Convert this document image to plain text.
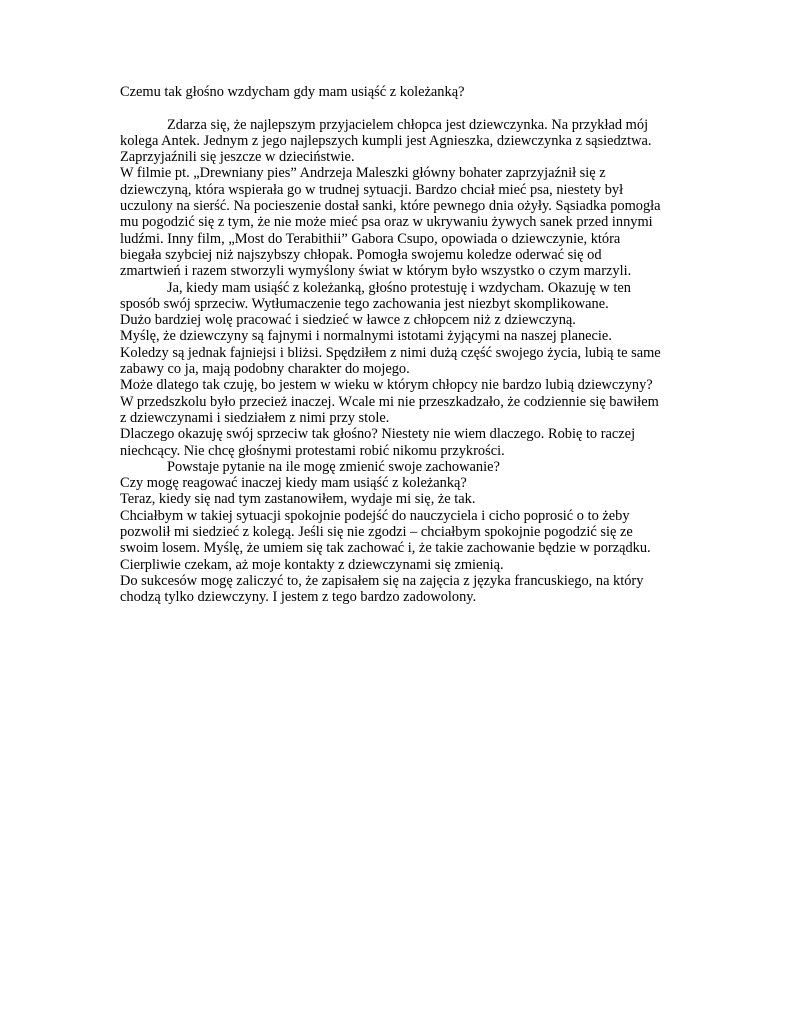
Czemu tak głośno wzdycham gdy mam usiąść z koleżanką?
Zdarza się, że najlepszym przyjacielem chłopca jest dziewczynka. Na przykład mój
kolega Antek. Jednym z jego najlepszych kumpli jest Agnieszka, dziewczynka z sąsiedztwa.
Zaprzyjaźnili się jeszcze w dzieciństwie.
W filmie pt. „Drewniany pies” Andrzeja Maleszki główny bohater zaprzyjaźnił się z
dziewczyną, która wspierała go w trudnej sytuacji. Bardzo chciał mieć psa, niestety był
uczulony na sierść. Na pocieszenie dostał sanki, które pewnego dnia ożyły. Sąsiadka pomogła
mu pogodzić się z tym, że nie może mieć psa oraz w ukrywaniu żywych sanek przed innymi
ludźmi. Inny film, „Most do Terabithii” Gabora Csupo, opowiada o dziewczynie, która
biegała szybciej niż najszybszy chłopak. Pomogła swojemu koledze oderwać się od
zmartwień i razem stworzyli wymyślony świat w którym było wszystko o czym marzyli.
Ja, kiedy mam usiąść z koleżanką, głośno protestuję i wzdycham. Okazuję w ten
sposób swój sprzeciw. Wytłumaczenie tego zachowania jest niezbyt skomplikowane.
Dużo bardziej wolę pracować i siedzieć w ławce z chłopcem niż z dziewczyną.
Myślę, że dziewczyny są fajnymi i normalnymi istotami żyjącymi na naszej planecie.
Koledzy są jednak fajniejsi i bliżsi. Spędziłem z nimi dużą część swojego życia, lubią te same
zabawy co ja, mają podobny charakter do mojego.
Może dlatego tak czuję, bo jestem w wieku w którym chłopcy nie bardzo lubią dziewczyny?
W przedszkolu było przecież inaczej. Wcale mi nie przeszkadzało, że codziennie się bawiłem
z dziewczynami i siedziałem z nimi przy stole.
Dlaczego okazuję swój sprzeciw tak głośno? Niestety nie wiem dlaczego. Robię to raczej
niechcący. Nie chcę głośnymi protestami robić nikomu przykrości.
Powstaje pytanie na ile mogę zmienić swoje zachowanie?
Czy mogę reagować inaczej kiedy mam usiąść z koleżanką?
Teraz, kiedy się nad tym zastanowiłem, wydaje mi się, że tak.
Chciałbym w takiej sytuacji spokojnie podejść do nauczyciela i cicho poprosić o to żeby
pozwolił mi siedzieć z kolegą. Jeśli się nie zgodzi – chciałbym spokojnie pogodzić się ze
swoim losem. Myślę, że umiem się tak zachować i, że takie zachowanie będzie w porządku.
Cierpliwie czekam, aż moje kontakty z dziewczynami się zmienią.
Do sukcesów mogę zaliczyć to, że zapisałem się na zajęcia z języka francuskiego, na który
chodzą tylko dziewczyny. I jestem z tego bardzo zadowolony.
